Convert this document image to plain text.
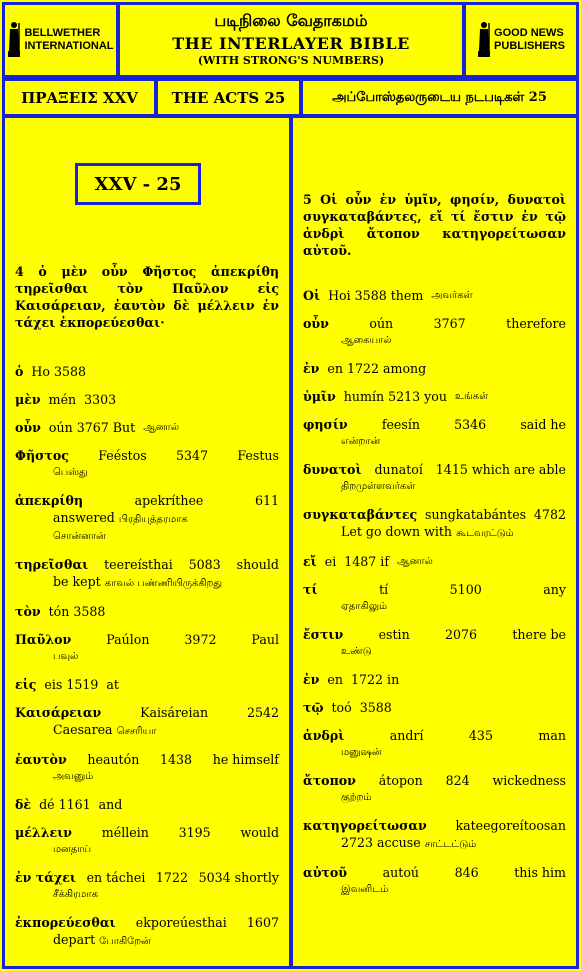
BELLWETHER
INTERNATIONAL
படிநிலை வேதாகமம்
THE INTERLAYER BIBLE
(WITH STRONG'S NUMBERS)
GOOD NEWS
PUBLISHERS
ΠΡΑΞΕΙΣ XXV THE ACTS 25	அப்போஸ்தலருடைய நடபடிகள் 25
4 ὁ μὲν οὖν Φῆστος ἀπεκρίθη τηρεῖσθαι τὸν Παῦλον εἰς Καισάρειαν, ἑαυτὸν δὲ μέλλειν ἐν τάχει ἐκπορεύεσθαι·
ὁ Ho 3588
μὲν mén 3303
οὖν oún 3767 But ஆனால்
Φῆστος Feéstos 5347 Festus
பெஸ்து
ἀπεκρίθη	apekríthee	611
answered பிரதியுத்தரமாக
சொன்னான்
τηρεῖσθαι teereísthai 5083 should
be kept காவல் பண்ணியிருக்கிறது
τὸν tón 3588
Παῦλον	Paúlon	3972	Paul
பவுல்
εἰς eis 1519 at
Καισάρειαν	Kaisáreian	2542
Caesarea செசரியா
ἑαυτὸν heautón 1438 he himself
அவனும்
δὲ dé 1161 and
μέλλειν méllein 3195 would
மனதாய்
ἐν τάχει en táchei 1722 5034 shortly
சீக்கிரமாக
ἐκπορεύεσθαι ekporeúesthai 1607
depart போகிறேன்
XXV - 25
5 Οἱ οὖν ἐν ὑμῖν, φησίν, δυνατοὶ συγκαταβάντες, εἴ τί ἔστιν ἐν τῷ ἀνδρὶ ἄτοπον κατηγορείτωσαν αὐτοῦ.
Οἱ Hoi 3588 them அவர்கள்
οὖν	oún	3767	therefore
ஆகையால்
ἐν en 1722 among
ὑμῖν humín 5213 you உங்கள்
φησίν	feesín	5346	said he
என்றான்
δυνατοὶ dunatoí 1415 which are able
திறமுள்ளவர்கள்
συγκαταβάντες sungkatabántes 4782
Let go down with கூடவரட்டும்
εἴ ei 1487 if ஆனால்
τί	tí	5100	any
ஏதாகிலும்
ἔστιν	estin	2076	there be
உண்டு
ἐν en 1722 in
τῷ toó 3588
ἀνδρὶ	andrí	435	man
மனுஷன்
ἄτοπον átopon 824 wickedness
குற்றம்
κατηγορείτωσαν kateegoreítoosan
2723 accuse சாட்டட்டும்
αὐτοῦ	autoú	846	this him
இவனிடம்
